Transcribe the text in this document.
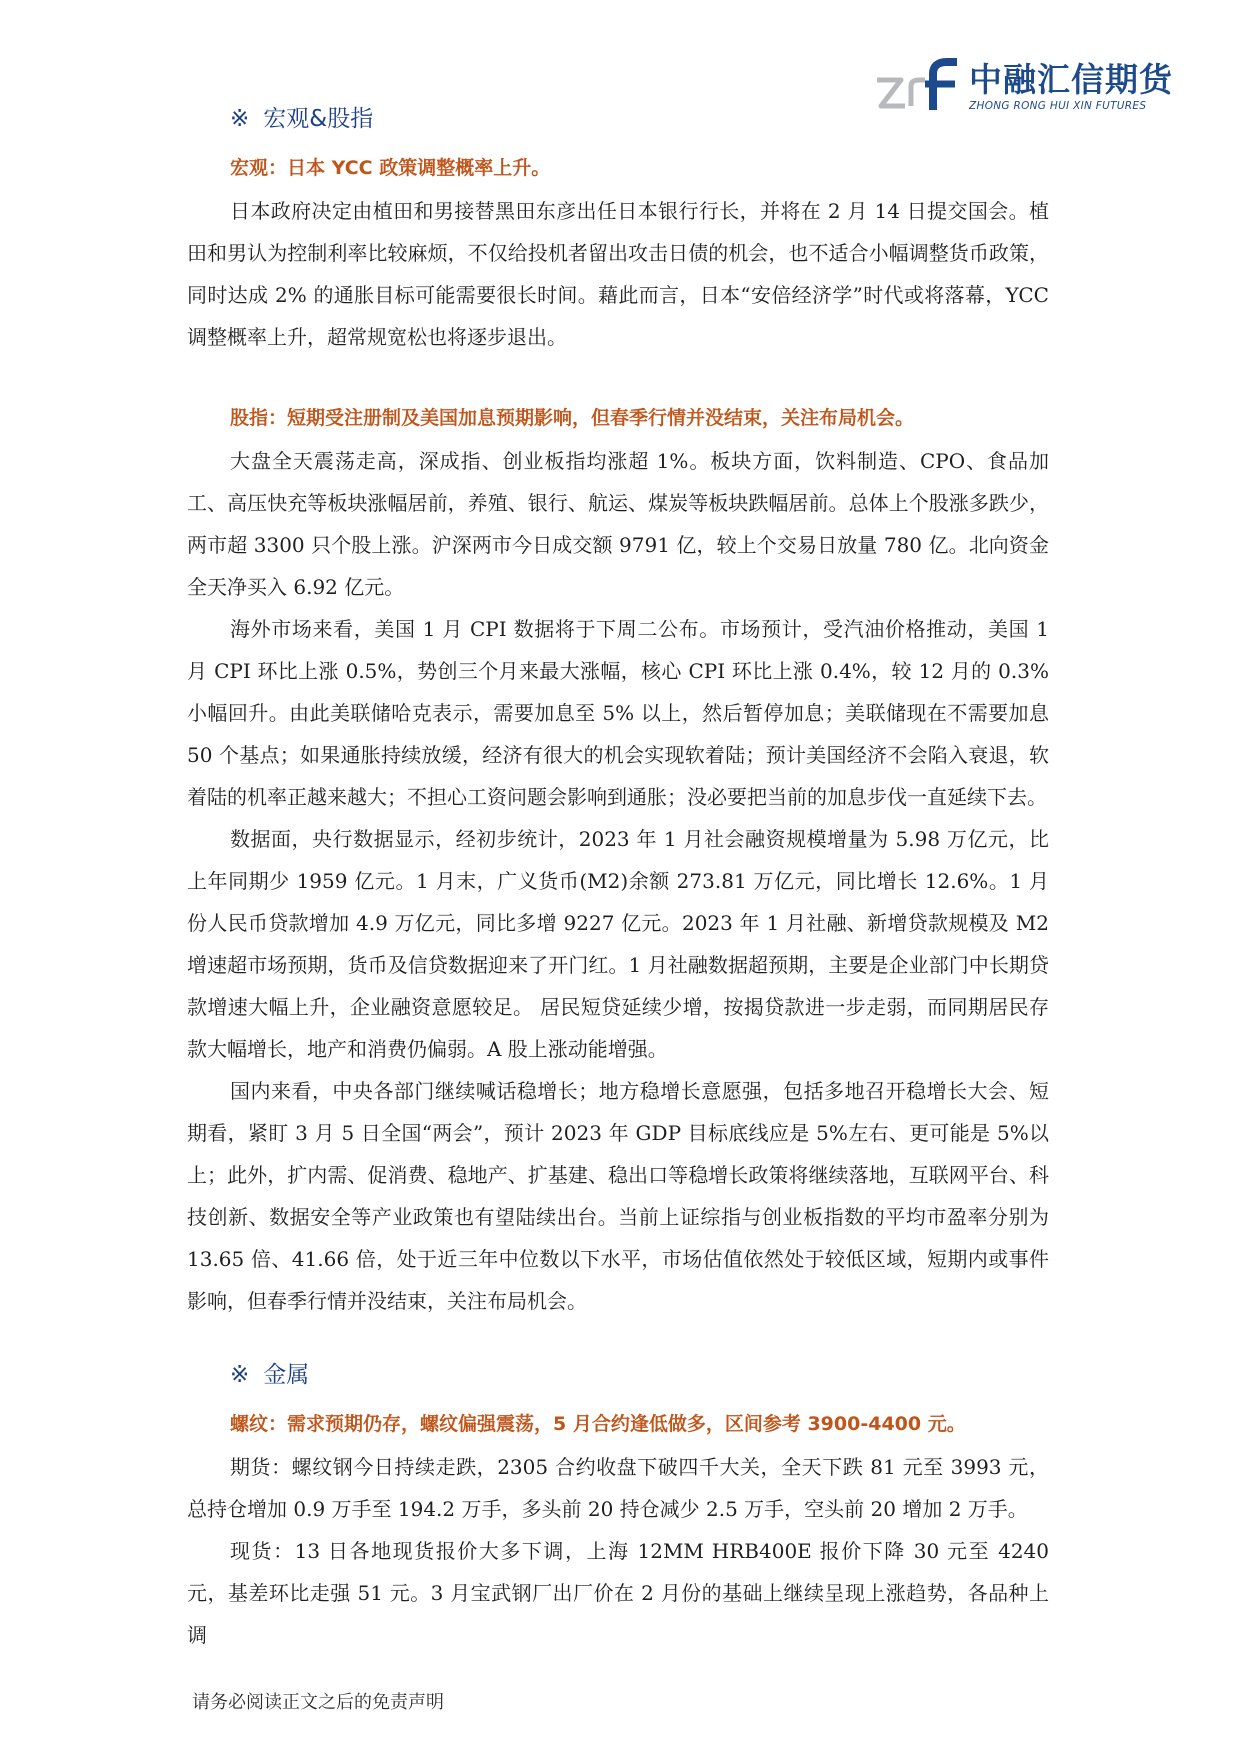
中融汇信期货
ZHONG RONG HUI XIN FUTURES
※ 宏观&股指
宏观：日本 YCC 政策调整概率上升。

日本政府决定由植田和男接替黑田东彦出任日本银行行长，并将在 2 月 14 日提交国会。植田和男认为控制利率比较麻烦，不仅给投机者留出攻击日债的机会，也不适合小幅调整货币政策，同时达成 2% 的通胀目标可能需要很长时间。藉此而言，日本“安倍经济学”时代或将落幕，YCC 调整概率上升，超常规宽松也将逐步退出。

股指：短期受注册制及美国加息预期影响，但春季行情并没结束，关注布局机会。

大盘全天震荡走高，深成指、创业板指均涨超 1%。板块方面，饮料制造、CPO、食品加工、高压快充等板块涨幅居前，养殖、银行、航运、煤炭等板块跌幅居前。总体上个股涨多跌少，两市超 3300 只个股上涨。沪深两市今日成交额 9791 亿，较上个交易日放量 780 亿。北向资金全天净买入 6.92 亿元。

海外市场来看，美国 1 月 CPI 数据将于下周二公布。市场预计，受汽油价格推动，美国 1 月 CPI 环比上涨 0.5%，势创三个月来最大涨幅，核心 CPI 环比上涨 0.4%，较 12 月的 0.3% 小幅回升。由此美联储哈克表示，需要加息至 5% 以上，然后暂停加息；美联储现在不需要加息 50 个基点；如果通胀持续放缓，经济有很大的机会实现软着陆；预计美国经济不会陷入衰退，软着陆的机率正越来越大；不担心工资问题会影响到通胀；没必要把当前的加息步伐一直延续下去。

数据面，央行数据显示，经初步统计，2023 年 1 月社会融资规模增量为 5.98 万亿元，比上年同期少 1959 亿元。1 月末，广义货币(M2)余额 273.81 万亿元，同比增长 12.6%。1 月份人民币贷款增加 4.9 万亿元，同比多增 9227 亿元。2023 年 1 月社融、新增贷款规模及 M2 增速超市场预期，货币及信贷数据迎来了开门红。1 月社融数据超预期，主要是企业部门中长期贷款增速大幅上升，企业融资意愿较足。 居民短贷延续少增，按揭贷款进一步走弱，而同期居民存款大幅增长，地产和消费仍偏弱。A 股上涨动能增强。

国内来看，中央各部门继续喊话稳增长；地方稳增长意愿强，包括多地召开稳增长大会、短期看，紧盯 3 月 5 日全国“两会”，预计 2023 年 GDP 目标底线应是 5%左右、更可能是 5%以上；此外，扩内需、促消费、稳地产、扩基建、稳出口等稳增长政策将继续落地，互联网平台、科技创新、数据安全等产业政策也有望陆续出台。当前上证综指与创业板指数的平均市盈率分别为 13.65 倍、41.66 倍，处于近三年中位数以下水平，市场估值依然处于较低区域，短期内或事件影响，但春季行情并没结束，关注布局机会。

※ 金属
螺纹：需求预期仍存，螺纹偏强震荡，5 月合约逢低做多，区间参考 3900-4400 元。

期货：螺纹钢今日持续走跌，2305 合约收盘下破四千大关，全天下跌 81 元至 3993 元，总持仓增加 0.9 万手至 194.2 万手，多头前 20 持仓减少 2.5 万手，空头前 20 增加 2 万手。

现货：13 日各地现货报价大多下调，上海 12MM HRB400E 报价下降 30 元至 4240 元，基差环比走强 51 元。3 月宝武钢厂出厂价在 2 月份的基础上继续呈现上涨趋势，各品种上调

请务必阅读正文之后的免责声明
